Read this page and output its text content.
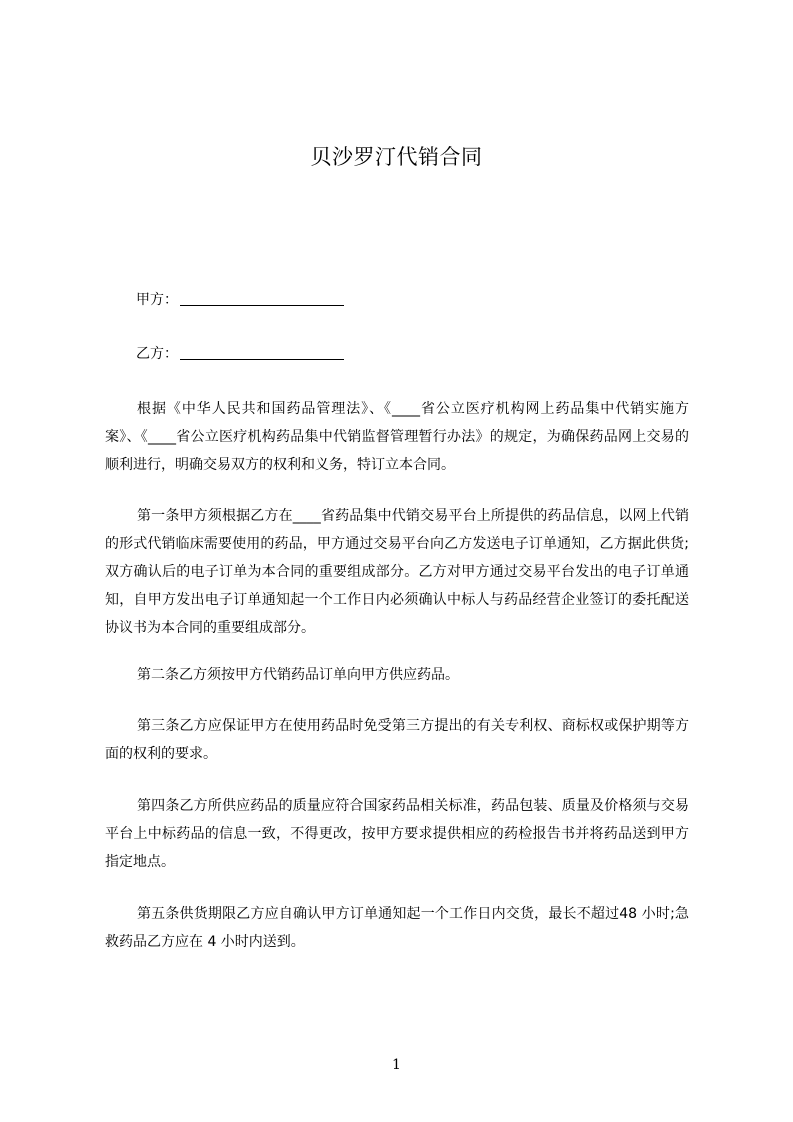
贝沙罗汀代销合同
甲方：
乙方：

根据《中华人民共和国药品管理法》、《____省公立医疗机构网上药品集中代销实施方案》、《____省公立医疗机构药品集中代销监督管理暂行办法》的规定，为确保药品网上交易的顺利进行，明确交易双方的权利和义务，特订立本合同。

第一条甲方须根据乙方在____省药品集中代销交易平台上所提供的药品信息，以网上代销的形式代销临床需要使用的药品，甲方通过交易平台向乙方发送电子订单通知，乙方据此供货;双方确认后的电子订单为本合同的重要组成部分。乙方对甲方通过交易平台发出的电子订单通知，自甲方发出电子订单通知起一个工作日内必须确认中标人与药品经营企业签订的委托配送协议书为本合同的重要组成部分。

第二条乙方须按甲方代销药品订单向甲方供应药品。

第三条乙方应保证甲方在使用药品时免受第三方提出的有关专利权、商标权或保护期等方面的权利的要求。

第四条乙方所供应药品的质量应符合国家药品相关标准，药品包装、质量及价格须与交易平台上中标药品的信息一致，不得更改，按甲方要求提供相应的药检报告书并将药品送到甲方指定地点。

第五条供货期限乙方应自确认甲方订单通知起一个工作日内交货，最长不超过48 小时;急救药品乙方应在 4 小时内送到。

1
